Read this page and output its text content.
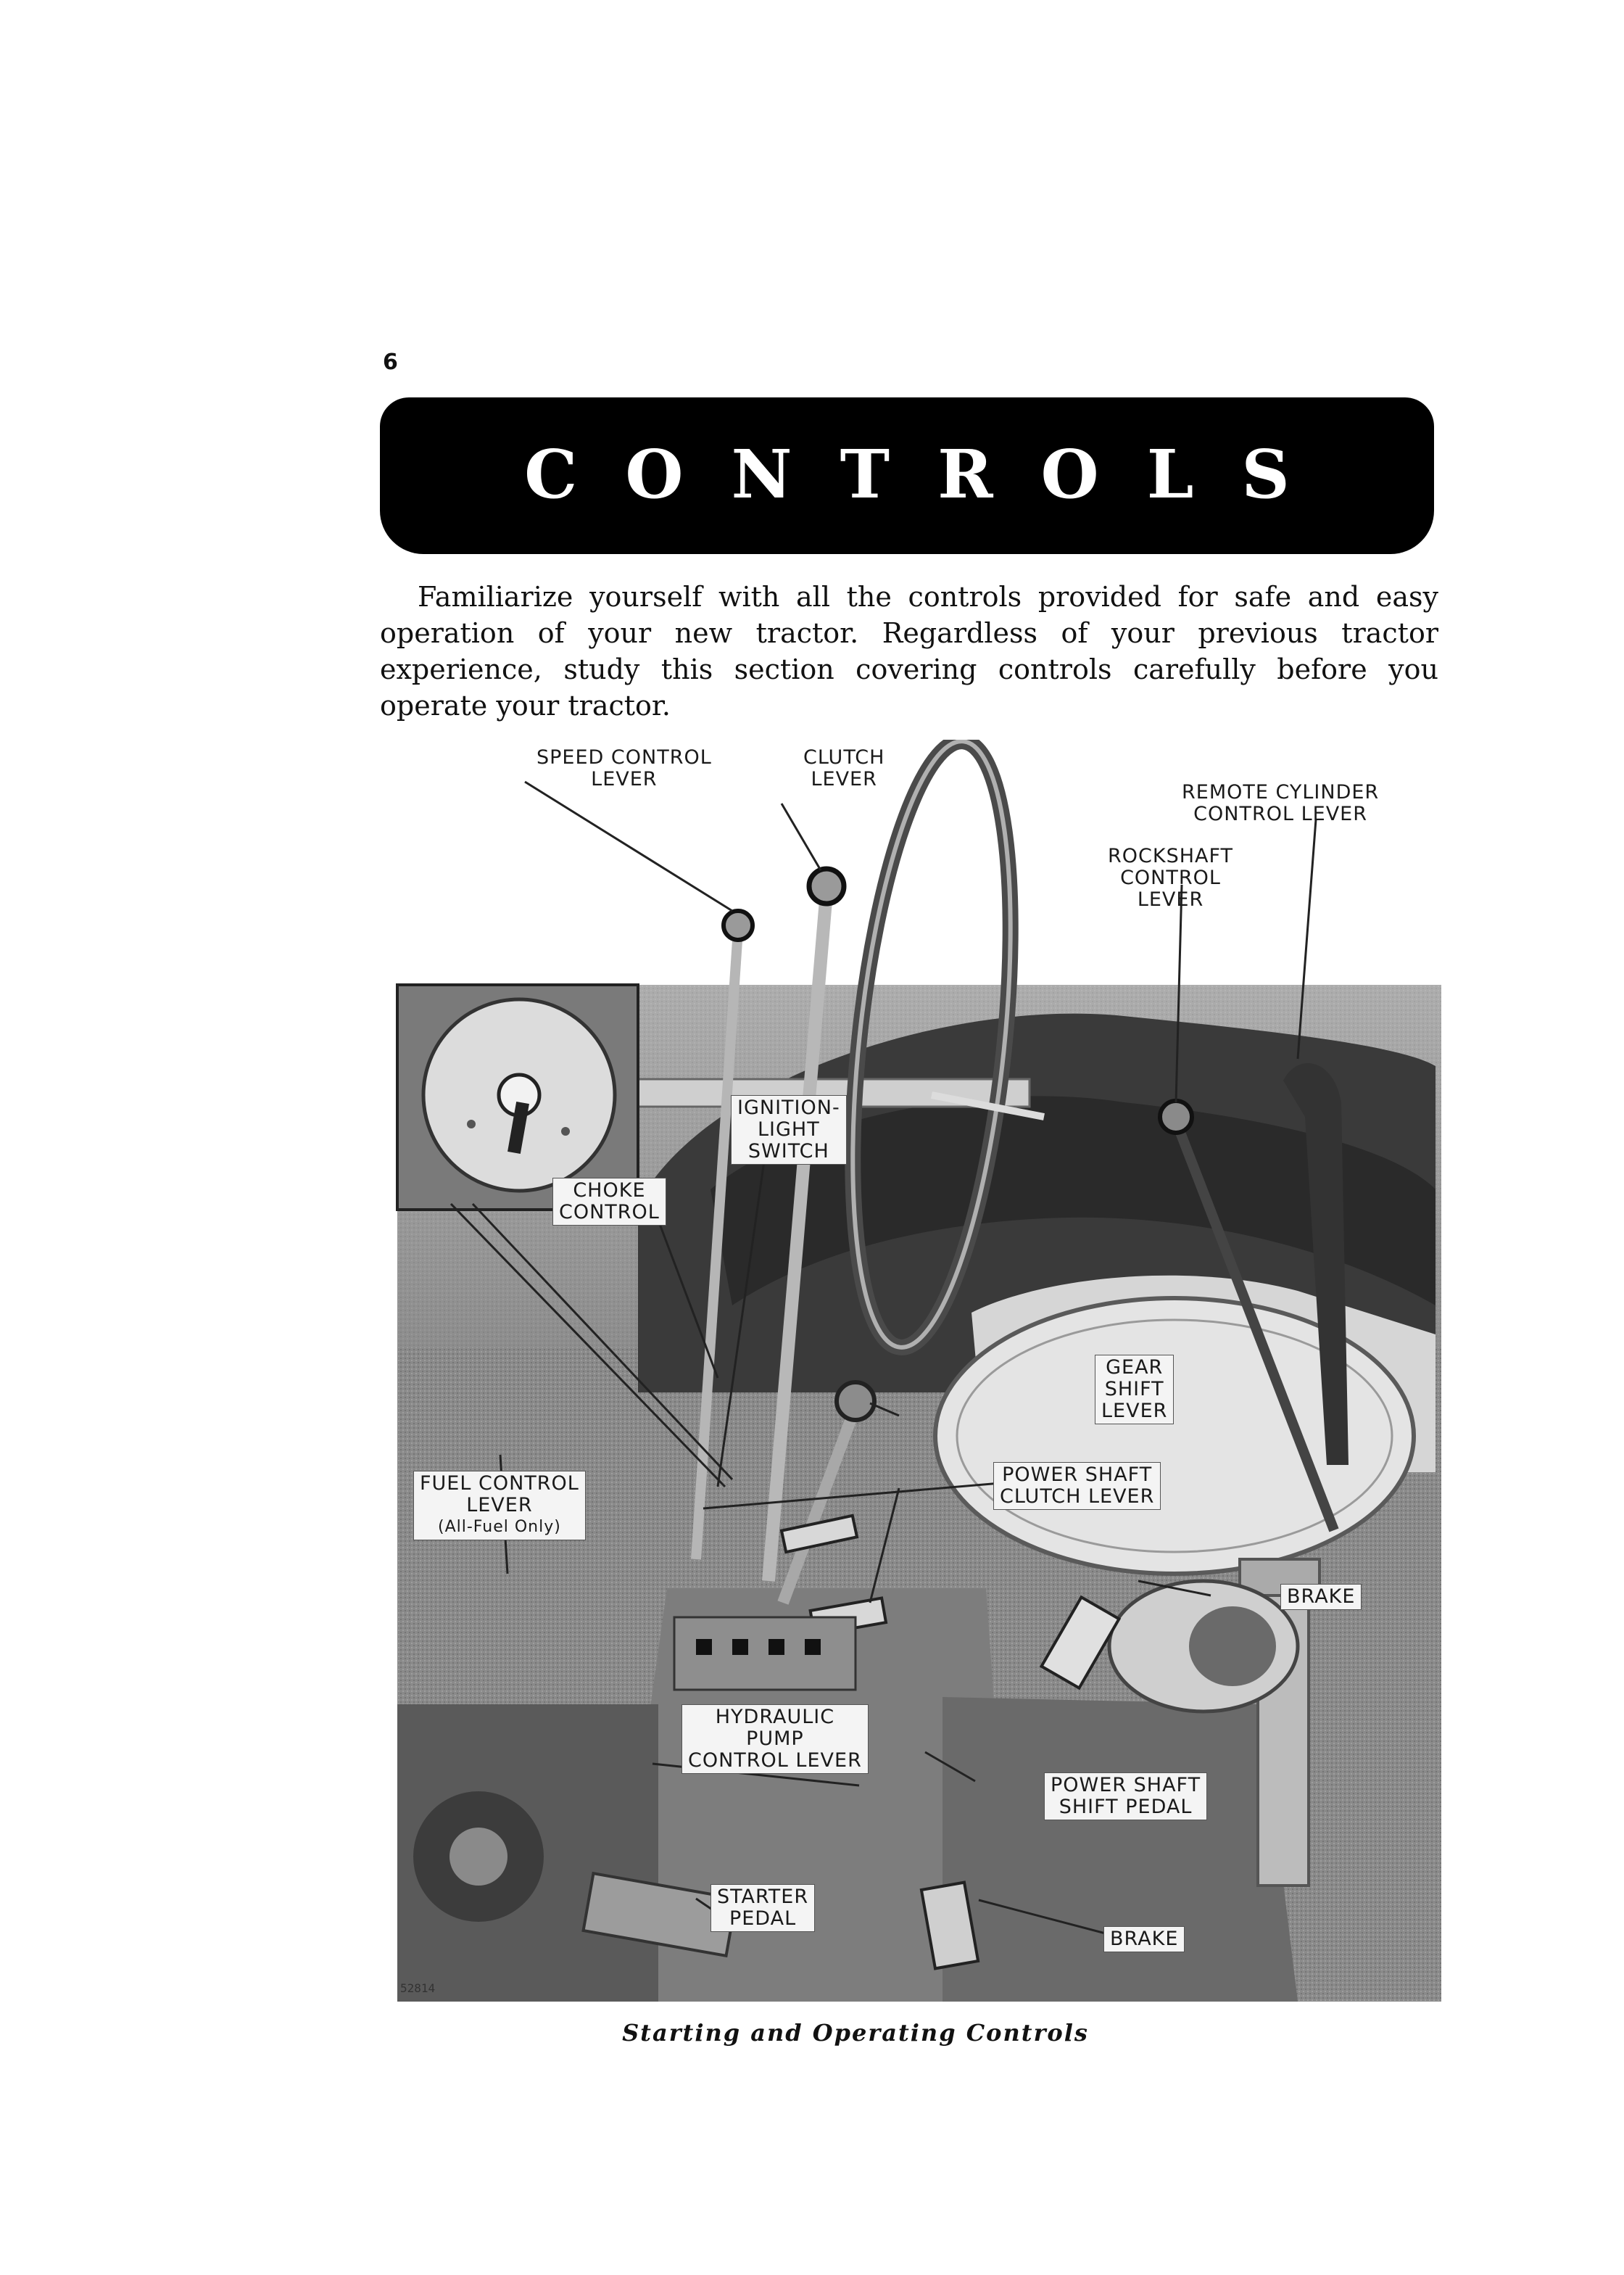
6
CONTROLS

Familiarize yourself with all the controls provided for safe and easy operation of your new tractor. Regardless of your previous tractor experience, study this section covering controls carefully before you operate your tractor.

SPEED CONTROL
LEVER
CLUTCH
LEVER
REMOTE CYLINDER
CONTROL LEVER
ROCKSHAFT
CONTROL
LEVER
IGNITION-
LIGHT
SWITCH
CHOKE
CONTROL
GEAR
SHIFT
LEVER
POWER SHAFT
CLUTCH LEVER
FUEL CONTROL
LEVER
(All-Fuel Only)
BRAKE
HYDRAULIC
PUMP
CONTROL LEVER
POWER SHAFT
SHIFT PEDAL
STARTER
PEDAL
BRAKE
52814
Starting and Operating Controls
